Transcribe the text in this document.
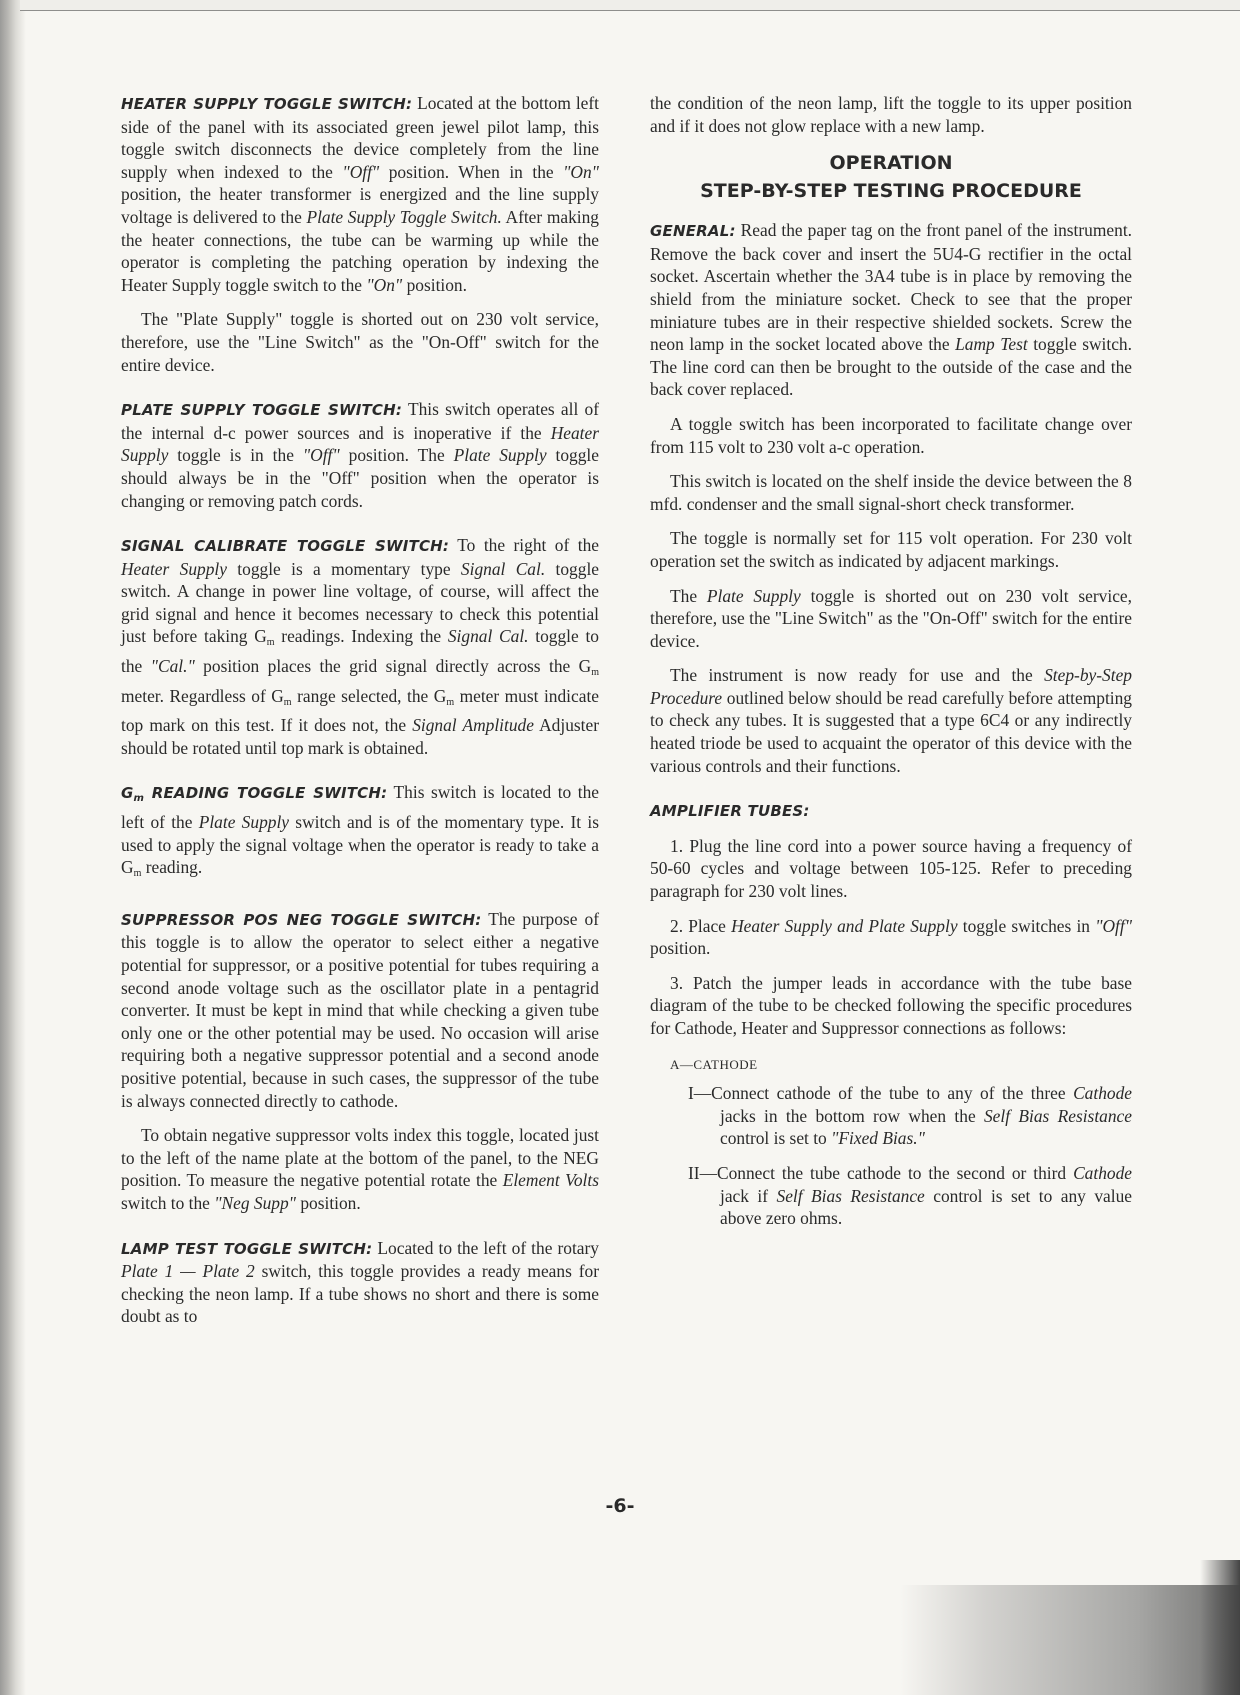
HEATER SUPPLY TOGGLE SWITCH: Located at the bottom left side of the panel with its associated green jewel pilot lamp, this toggle switch disconnects the device completely from the line supply when indexed to the "Off" position. When in the "On" position, the heater transformer is energized and the line supply voltage is delivered to the Plate Supply Toggle Switch. After making the heater connections, the tube can be warming up while the operator is completing the patching operation by indexing the Heater Supply toggle switch to the "On" position.

The "Plate Supply" toggle is shorted out on 230 volt service, therefore, use the "Line Switch" as the "On-Off" switch for the entire device.

PLATE SUPPLY TOGGLE SWITCH: This switch operates all of the internal d-c power sources and is inoperative if the Heater Supply toggle is in the "Off" position. The Plate Supply toggle should always be in the "Off" position when the operator is changing or removing patch cords.

SIGNAL CALIBRATE TOGGLE SWITCH: To the right of the Heater Supply toggle is a momentary type Signal Cal. toggle switch. A change in power line voltage, of course, will affect the grid signal and hence it becomes necessary to check this potential just before taking $G_m$ readings. Indexing the Signal Cal. toggle to the "Cal." position places the grid signal directly across the $G_m$ meter. Regardless of $G_m$ range selected, the $G_m$ meter must indicate top mark on this test. If it does not, the Signal Amplitude Adjuster should be rotated until top mark is obtained.

$G_m$ READING TOGGLE SWITCH: This switch is located to the left of the Plate Supply switch and is of the momentary type. It is used to apply the signal voltage when the operator is ready to take a $G_m$ reading.

SUPPRESSOR POS NEG TOGGLE SWITCH: The purpose of this toggle is to allow the operator to select either a negative potential for suppressor, or a positive potential for tubes requiring a second anode voltage such as the oscillator plate in a pentagrid converter. It must be kept in mind that while checking a given tube only one or the other potential may be used. No occasion will arise requiring both a negative suppressor potential and a second anode positive potential, because in such cases, the suppressor of the tube is always connected directly to cathode.

To obtain negative suppressor volts index this toggle, located just to the left of the name plate at the bottom of the panel, to the NEG position. To measure the negative potential rotate the Element Volts switch to the "Neg Supp" position.

LAMP TEST TOGGLE SWITCH: Located to the left of the rotary Plate 1 — Plate 2 switch, this toggle provides a ready means for checking the neon lamp. If a tube shows no short and there is some doubt as to

the condition of the neon lamp, lift the toggle to its upper position and if it does not glow replace with a new lamp.

OPERATION
STEP-BY-STEP TESTING PROCEDURE

GENERAL: Read the paper tag on the front panel of the instrument. Remove the back cover and insert the 5U4-G rectifier in the octal socket. Ascertain whether the 3A4 tube is in place by removing the shield from the miniature socket. Check to see that the proper miniature tubes are in their respective shielded sockets. Screw the neon lamp in the socket located above the Lamp Test toggle switch. The line cord can then be brought to the outside of the case and the back cover replaced.

A toggle switch has been incorporated to facilitate change over from 115 volt to 230 volt a-c operation.

This switch is located on the shelf inside the device between the 8 mfd. condenser and the small signal-short check transformer.

The toggle is normally set for 115 volt operation. For 230 volt operation set the switch as indicated by adjacent markings.

The Plate Supply toggle is shorted out on 230 volt service, therefore, use the "Line Switch" as the "On-Off" switch for the entire device.

The instrument is now ready for use and the Step-by-Step Procedure outlined below should be read carefully before attempting to check any tubes. It is suggested that a type 6C4 or any indirectly heated triode be used to acquaint the operator of this device with the various controls and their functions.

AMPLIFIER TUBES:

1. Plug the line cord into a power source having a frequency of 50-60 cycles and voltage between 105-125. Refer to preceding paragraph for 230 volt lines.

2. Place Heater Supply and Plate Supply toggle switches in "Off" position.

3. Patch the jumper leads in accordance with the tube base diagram of the tube to be checked following the specific procedures for Cathode, Heater and Suppressor connections as follows:

A—CATHODE

I—Connect cathode of the tube to any of the three Cathode jacks in the bottom row when the Self Bias Resistance control is set to "Fixed Bias."

II—Connect the tube cathode to the second or third Cathode jack if Self Bias Resistance control is set to any value above zero ohms.

-6-
